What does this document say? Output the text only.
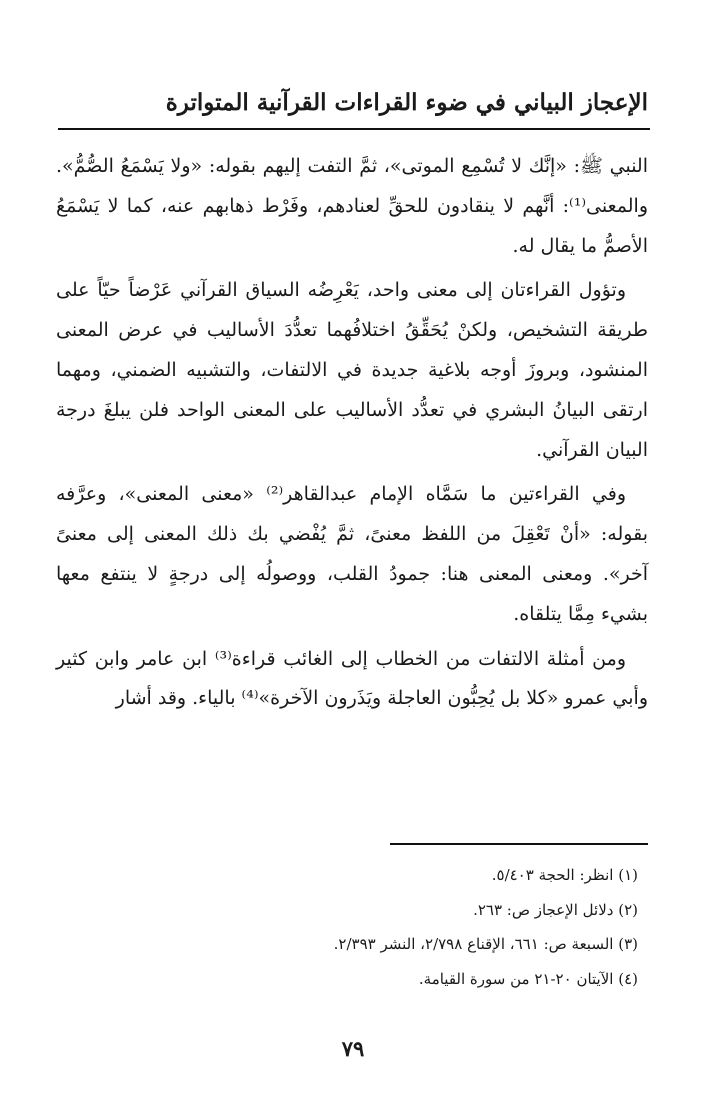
الإعجاز البياني في ضوء القراءات القرآنية المتواترة

النبي ﷺ: «إنَّك لا تُسْمِع الموتى»، ثمَّ التفت إليهم بقوله: «ولا يَسْمَعُ الصُّمُّ». والمعنى⁽¹⁾: أنَّهم لا ينقادون للحقِّ لعنادهم، وفَرْط ذهابهم عنه، كما لا يَسْمَعُ الأصمُّ ما يقال له.

وتؤول القراءتان إلى معنى واحد، يَعْرِضُه السياق القرآني عَرْضاً حيّاً على طريقة التشخيص، ولكنْ يُحَقِّقُ اختلافُهما تعدُّدَ الأساليب في عرض المعنى المنشود، وبروزَ أوجه بلاغية جديدة في الالتفات، والتشبيه الضمني، ومهما ارتقى البيانُ البشري في تعدُّد الأساليب على المعنى الواحد فلن يبلغَ درجة البيان القرآني.

وفي القراءتين ما سَمَّاه الإمام عبدالقاهر⁽²⁾ «معنى المعنى»، وعرَّفه بقوله: «أنْ تَعْقِلَ من اللفظ معنىً، ثمَّ يُفْضي بك ذلك المعنى إلى معنىً آخر». ومعنى المعنى هنا: جمودُ القلب، ووصولُه إلى درجةٍ لا ينتفع معها بشيء مِمَّا يتلقاه.

ومن أمثلة الالتفات من الخطاب إلى الغائب قراءة⁽³⁾ ابن عامر وابن كثير وأبي عمرو «كلا بل يُحِبُّون العاجلة ويَذَرون الآخرة»⁽⁴⁾ بالياء. وقد أشار

(١) انظر: الحجة ٥/٤٠٣.

(٢) دلائل الإعجاز ص: ٢٦٣.

(٣) السبعة ص: ٦٦١، الإقناع ٢/٧٩٨، النشر ٢/٣٩٣.

(٤) الآيتان ٢٠-٢١ من سورة القيامة.

٧٩
